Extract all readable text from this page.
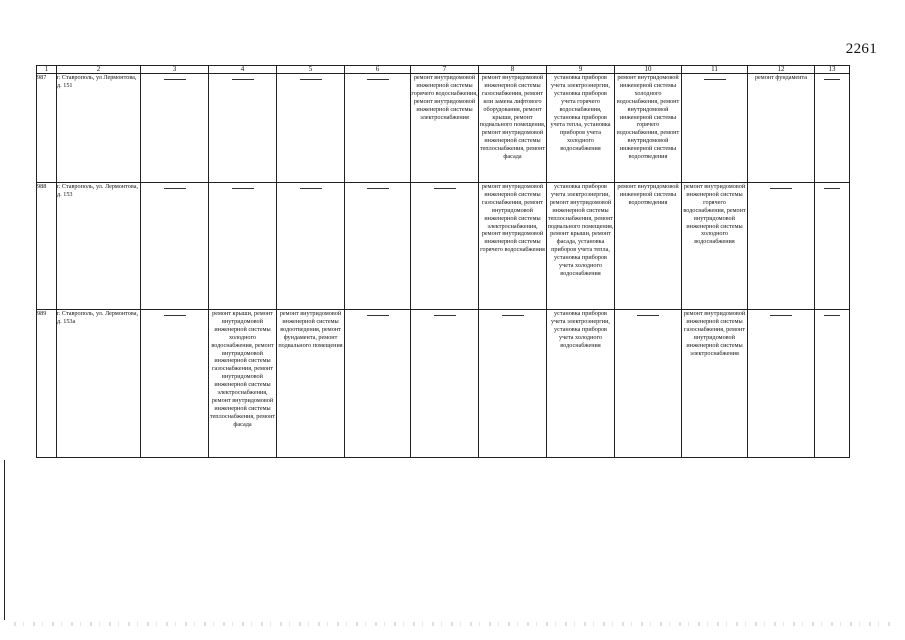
2261
1	2	3	4	5	6	7	8	9	10	11	12	13
987	г. Ставрополь, ул Лермонтова, д. 151					ремонт внутридомовой инженерной системы горячего водоснабжения, ремонт внутридомовой инженерной системы электроснабжения	ремонт внутридомовой инженерной системы газоснабжения, ремонт или замена лифтового оборудования, ремонт крыши, ремонт подвального помещения, ремонт внутридомовой инженерной системы теплоснабжения, ремонт фасада	установка приборов учета электроэнергии, установка приборов учета горячего водоснабжения, установка приборов учета тепла, установка приборов учета холодного водоснабжения	ремонт внутридомовой инженерной системы холодного водоснабжения, ремонт внутридомовой инженерной системы горячего водоснабжения, ремонт внутридомовой инженерной системы водоотведения		ремонт фундамента	
988	г. Ставрополь, ул. Лермонтова, д. 153						ремонт внутридомовой инженерной системы газоснабжения, ремонт внутридомовой инженерной системы электроснабжения, ремонт внутридомовой инженерной системы горячего водоснабжения	установка приборов учета электроэнергии, ремонт внутридомовой инженерной системы теплоснабжения, ремонт подвального помещения, ремонт крыши, ремонт фасада, установка приборов учета тепла, установка приборов учета холодного водоснабжения	ремонт внутридомовой инженерной системы водоотведения	ремонт внутридомовой инженерной системы горячего водоснабжения, ремонт внутридомовой инженерной системы холодного водоснабжения		
989	г. Ставрополь, ул. Лермонтова, д. 153а		ремонт крыши, ремонт внутридомовой инженерной системы холодного водоснабжения, ремонт внутридомовой инженерной системы газоснабжения, ремонт внутридомовой инженерной системы электроснабжения, ремонт внутридомовой инженерной системы теплоснабжения, ремонт фасада	ремонт внутридомовой инженерной системы водоотведения, ремонт фундамента, ремонт подвального помещения				установка приборов учета электроэнергии, установка приборов учета холодного водоснабжения		ремонт внутридомовой инженерной системы газоснабжения, ремонт внутридомовой инженерной системы электроснабжения		
